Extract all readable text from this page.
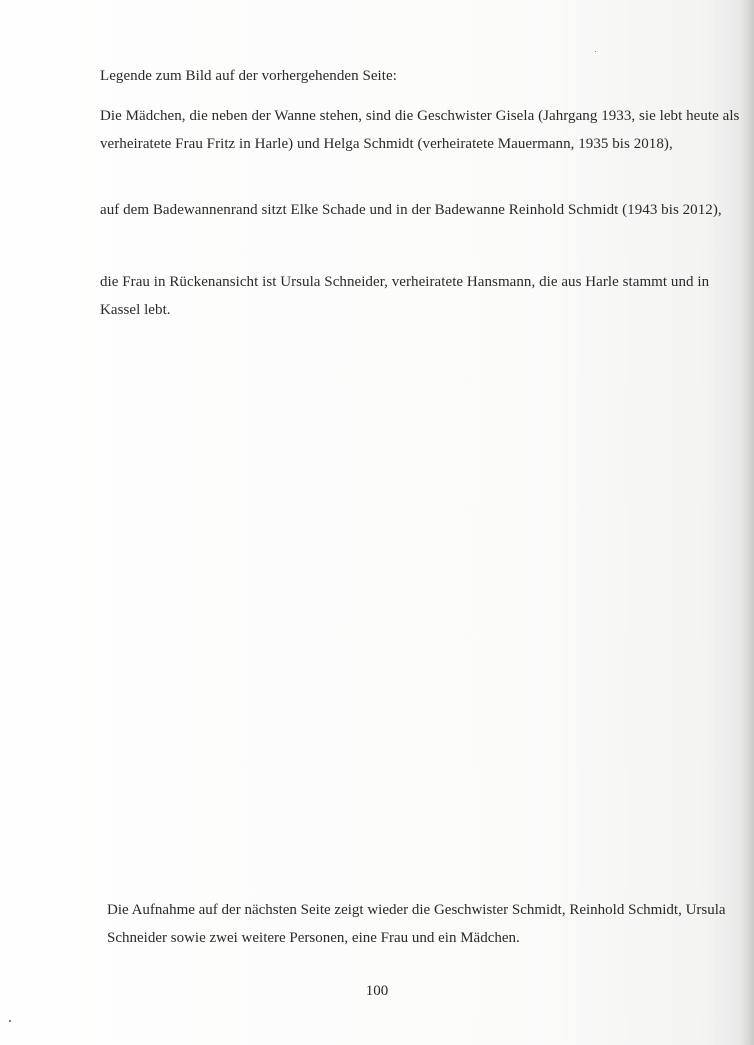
Legende zum Bild auf der vorhergehenden Seite:

Die Mädchen, die neben der Wanne stehen, sind die Geschwister Gisela (Jahrgang 1933, sie lebt heute als verheiratete Frau Fritz in Harle) und Helga Schmidt (verheiratete Mauermann, 1935 bis 2018),

auf dem Badewannenrand sitzt Elke Schade und in der Badewanne Reinhold Schmidt (1943 bis 2012),

die Frau in Rückenansicht ist Ursula Schneider, verheiratete Hansmann, die aus Harle stammt und in Kassel lebt.

Die Aufnahme auf der nächsten Seite zeigt wieder die Geschwister Schmidt, Reinhold Schmidt, Ursula Schneider sowie zwei weitere Personen, eine Frau und ein Mädchen.

100
